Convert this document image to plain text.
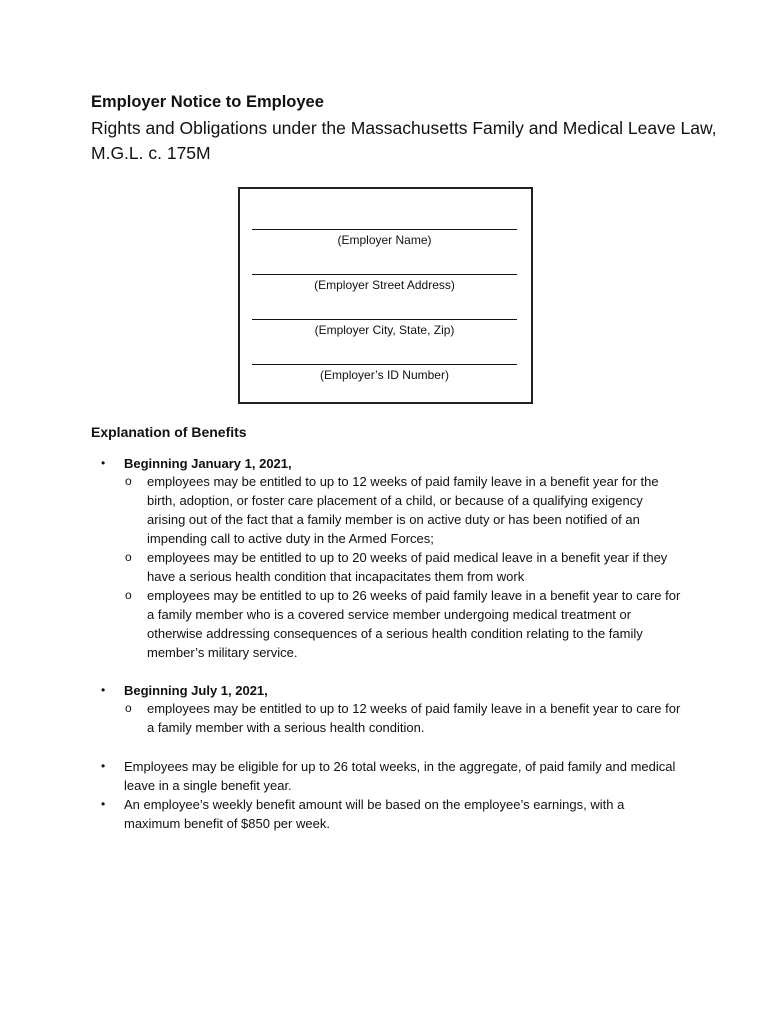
Employer Notice to Employee

Rights and Obligations under the Massachusetts Family and Medical Leave Law, M.G.L. c. 175M

(Employer Name)
(Employer Street Address)
(Employer City, State, Zip)
(Employer’s ID Number)
Explanation of Benefits
• Beginning January 1, 2021,

o employees may be entitled to up to 12 weeks of paid family leave in a benefit year for the birth, adoption, or foster care placement of a child, or because of a qualifying exigency arising out of the fact that a family member is on active duty or has been notified of an impending call to active duty in the Armed Forces;

o employees may be entitled to up to 20 weeks of paid medical leave in a benefit year if they have a serious health condition that incapacitates them from work

o employees may be entitled to up to 26 weeks of paid family leave in a benefit year to care for a family member who is a covered service member undergoing medical treatment or otherwise addressing consequences of a serious health condition relating to the family member’s military service.

• Beginning July 1, 2021,

o employees may be entitled to up to 12 weeks of paid family leave in a benefit year to care for a family member with a serious health condition.

• Employees may be eligible for up to 26 total weeks, in the aggregate, of paid family and medical leave in a single benefit year.

• An employee’s weekly benefit amount will be based on the employee’s earnings, with a maximum benefit of $850 per week.
